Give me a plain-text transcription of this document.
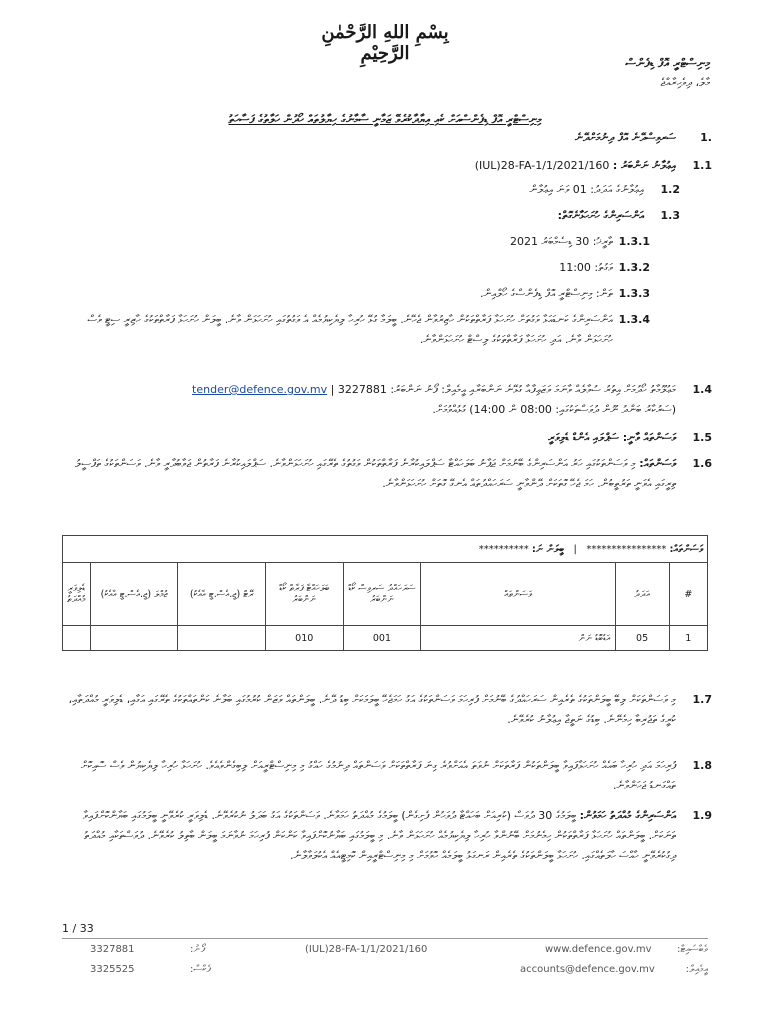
بِسْمِ اللهِ الرَّحْمٰنِ الرَّحِيْمِ	މިނިސްޓްރީ އޮފް ޑިފެންސް
މާލެ، ދިވެހިރާއްޖެ
މިނިސްޓްރީ އޮފް ޑިފެންސްއަށް ކެއި އިޔާދާކުރެވޭ ޒަމާނީ ސާމާނުގެ ހިޔާލުތައް ހޯދުން ހަލާތުގެ ފަސާހަތު
1.
ސަރވިސްދޭނެ އޮފް ދިނުމަށްދޭނެ
1.1
އިޢުލާނު ނަންބަރު : (IUL)28-FA-1/1/2021/160
1.2
އިޢުލާނުގެ އަދަދު: 01 ވަނަ އިޢުލާން
1.3
އަންސަރިންގެ ހުށަހަޅާނެގޮތް:
1.3.1
ތާރީޚު: 30 ޑިސެމްބަރު 2021
1.3.2
ވަގުތު: 11:00
1.3.3
ތަން: މިނިސްޓްރީ އޮފް ޑިފެންސްގެ ހޯލްއިން.
1.3.4
އަންސަރިންގެ ކަނޑައަޅާ ވަގުތަށް ހުށަހަޅާ ފަރާތްތަކުން ހާޒިރުވާން ޖެހޭނެ. ބީލަމާ ގުޅޭ ހުރިހާ ލިޔެކިޔުމެއް އެ ވަގުތުގައި ހުށަހަޅަން ވާނެ. ބީލަން ހުށަހަޅާ ފަރާތްތަކުގެ ހާޒިރީ ސިޓީ ވެސް ހުށަހަޅަން ވާނެ. އަދި ހުށަހަޅާ ފަރާތްތަކުގެ ލިސްޓް ހުށަހަޅަންވާނެ.
1.4
މަޢުލޫމާތު ހޯދުމަށް އިތުރު ސުވާލެއް ވާނަމަ ވަޒަޢިފާއާ ގުޅޭނެ ނަންބަރާއި އީމެއިލް: tender@defence.gov.mv |	ފޯނު ނަންބަރު: 3227881
(ސަރުކާރު ބަންދު ނޫން ދުވަސްތަކުގައި: 08:00 ން 14:00) ގުޅުއްވުމަށް.
1.5
ވަސަންތައް ވާނީ: ސަޕްލައި އެންޑް ޑެލިވަރީ
1.6
ވަސަންތައް: މި ވަސަންތަކުގައި ހަރު އަންސަރިންގެ ބޭނުމަށް ޖަޕާނު ބަލަހައްޓާ ސަޕްލައިކުރާނެ ފަރާތްތަކުން ވަގުތުގެ ތެރޭގައި ހުށަހަޅަންވާނެ. ސަޕްލައިކުރާނެ ފަރާތުން ޖަވާބުދާރީ ވާނެ. ވަސަންތަކުގެ ތަފްސީލު ތިރީގައި އެވަނީ ތަރުތީބުން. ހަމަ ޖެހޭ ގޮތަކަށް ދޭންވާނީ ސަރަހައްދުތައް އެނގޭ ގޮތަށް ހުށަހަޅަންވާނެ.
ވަސަންތައް: ****************   |   ބީލަން ނަ: **********							
#	އަދަދު	ވަސަންތައް	ސަރަހައްދު ސަރވިސް ކޯޑް ނަންބަރު	ބަލަހައްޓާ ފަރާތް ކޯޑް ނަންބަރު	ރޭޓް (ޖީ.އެސް.ޓީ އާއެކު)	ޖުމްލަ (ޖީ.އެސް.ޓީ އާއެކު)	ޑެލިވަރީ މުއްދަތު
1	05	އަޑުބޮޑު ނަން	001	010			
1.7
މި ވަސަންތަކަށް ލިބޭ ބީލަންތަކުގެ ތެރެއިން ސަރަހައްދުގެ ބޭނުމަށް ފުރިހަމަ ވަސަންތަކުގެ އަގު ހަމަޖެހޭ ބީލަމަކަށް ބިޑު ދޭނެ. ބީލަންތައް ވަޒަން ކުރުމުގައި ބަލާނެ ކަންތައްތަކުގެ ތެރޭގައި އަގާއި، ޑެލިވަރީ މުއްދަތާއި، ކުރީގެ ތަޖުރިބާ ހިމެނޭނެ. ބިޑުގެ ނަތީޖާ އިޢުލާނު ކުރެވޭނެ.
1.8
ފުރިހަމަ އަދި ހުރިހާ ބައެއް ހުށަހަޅާފައިވާ ބީލަންތަކުން ފަރާތަކަށް ނުވަތަ އެއަށްވުރެ ގިނަ ފަރާތްތަކަށް ވަސަންތައް ދިނުމުގެ ހައްގު މި މިނިސްޓްރީއަށް ލިބިގެންވެއެވެ. ހުށަހަޅާ ހުރިހާ ލިޔެކިޔުން ވެސް ސޮއިކޮށް ތައްގަނޑު ޖަހަންވާނެ.
1.9
އަންސަރިންގެ މުއްދަތު ހަމަވުން: ބީލަމުގެ 30 ދުވަސް (ކުރިއަށް ބަހައްޓާ ދުވަހުން ފެށިގެން) ބީލަމުގެ މުއްދަތު ހަމަވާނެ. ވަސަންތަކުގެ އަގު ބަދަލު ނުކުރެވޭނެ. ޑެލިވަރީ ކުރެވޭނީ ބީލަމުގައި ބަޔާންކޮށްފައިވާ ތަނަކަށް. ބީލަންތައް ހުށަހަޅާ ފަރާތްތަކުން ހިމެނުމަށް ބޭނުންވާ ހުރިހާ ލިޔެކިޔުމެއް ހުށަހަޅަން ވާނެ. މި ބީލަމުގައި ބަޔާނުކޮށްފައިވާ ކަންކަން ފުރިހަމަ ނުވާނަމަ ބީލަން ބާތިލު ކުރެވޭނެ. ދުވަސްތަކާއި މުއްދަތު ދިގުކުރެވޭނީ ހާއްސަ ހާލަތެއްގައި. ހުށަހަޅާ ބީލަންތަކުގެ ތެރެއިން ރަނގަޅު ބީލަމެއް ހޮވުމަށް މި މިނިސްޓްރީއިން ކޮމިޓީއެއް އެކުލަވާލާނެ.
1 / 33
3327881	ފޯނު:
3325525	ފެކްސް:
(IUL)28-FA-1/1/2021/160	www.defence.gov.mv	ވެބްސައިޓް:
accounts@defence.gov.mv	އީމެއިލް:
